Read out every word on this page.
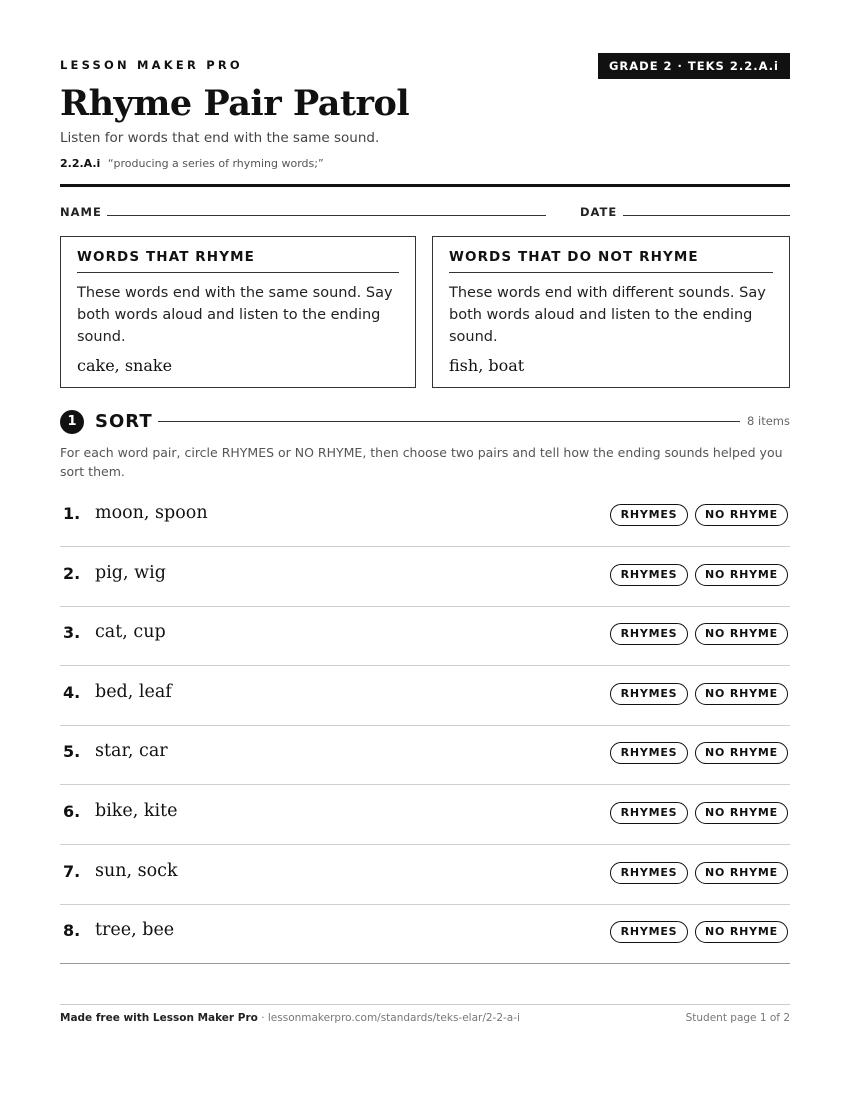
LESSON MAKER PRO	GRADE 2 · TEKS 2.2.A.i
Rhyme Pair Patrol
Listen for words that end with the same sound.
2.2.A.i “producing a series of rhyming words;”
NAME	DATE
WORDS THAT RHYME
These words end with the same sound. Say both words aloud and listen to the ending sound.
cake, snake
WORDS THAT DO NOT RHYME
These words end with different sounds. Say both words aloud and listen to the ending sound.
fish, boat
1	SORT	8 items
For each word pair, circle RHYMES or NO RHYME, then choose two pairs and tell how the ending sounds helped you sort them.
1. moon, spoon	RHYMES	NO RHYME
2. pig, wig	RHYMES	NO RHYME
3. cat, cup	RHYMES	NO RHYME
4. bed, leaf	RHYMES	NO RHYME
5. star, car	RHYMES	NO RHYME
6. bike, kite	RHYMES	NO RHYME
7. sun, sock	RHYMES	NO RHYME
8. tree, bee	RHYMES	NO RHYME
Made free with Lesson Maker Pro · lessonmakerpro.com/standards/teks-elar/2-2-a-i	Student page 1 of 2
